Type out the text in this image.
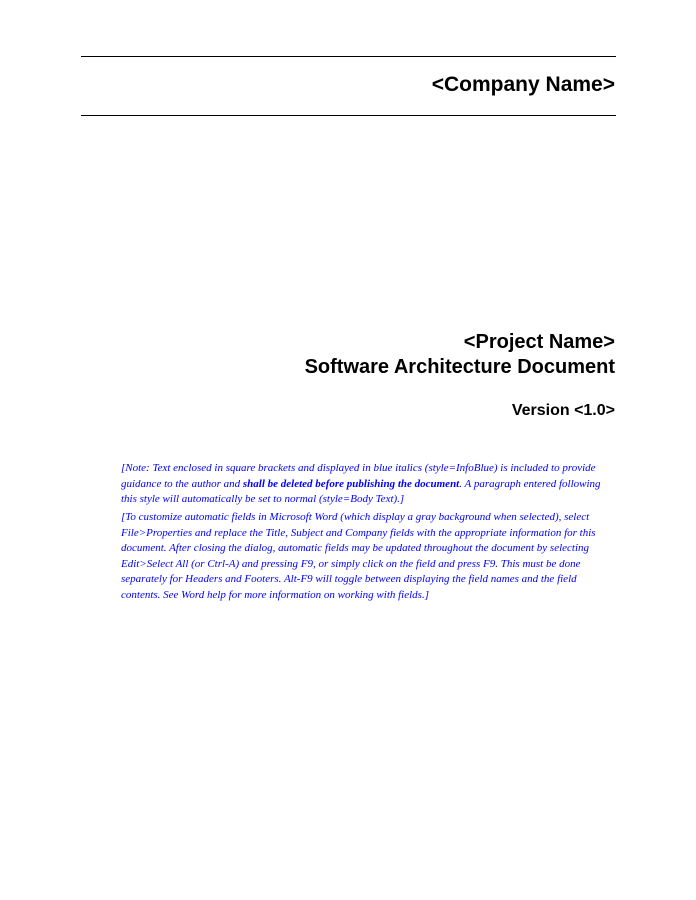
<Company Name>
<Project Name>
Software Architecture Document
Version <1.0>
[Note: Text enclosed in square brackets and displayed in blue italics (style=InfoBlue) is included to provide guidance to the author and shall be deleted before publishing the document. A paragraph entered following this style will automatically be set to normal (style=Body Text).]
[To customize automatic fields in Microsoft Word (which display a gray background when selected), select File>Properties and replace the Title, Subject and Company fields with the appropriate information for this document. After closing the dialog, automatic fields may be updated throughout the document by selecting Edit>Select All (or Ctrl-A) and pressing F9, or simply click on the field and press F9. This must be done separately for Headers and Footers. Alt-F9 will toggle between displaying the field names and the field contents. See Word help for more information on working with fields.]
